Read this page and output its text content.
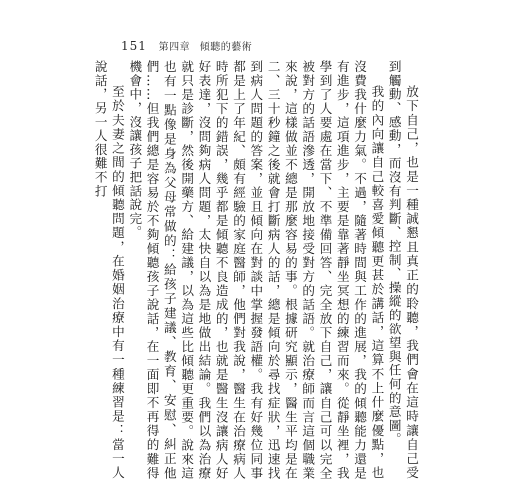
151 第四章 傾聽的藝術

放下自己，也是一種誠懇且真正的聆聽，我們會在這時讓自己受到觸動、感動，而沒有判斷、控制、操縱的欲望與任何的意圖。

我的內向讓自己較喜愛傾聽更甚於講話，這算不上什麼優點，也沒費我什麼力氣。不過，隨著時間與工作的進展，我的傾聽能力還是有進步，這項進步，主要是靠著靜坐冥想的練習而來。從靜坐裡，我學到了人要處在當下、不準備回答、完全放下自己，讓自己可以完全被對方的話語滲透，開放地接受對方的話語。就治療師而言這個職業來說，這樣做並不總是那麼容易的事。根據研究顯示，醫生平均是在二、三十秒鐘之後就會打斷病人的話，總是傾向於尋找症狀，迅速找到病人問題的答案，並且傾向在對談中掌握發語權。我有好幾位同事都是上了年紀、頗有經驗的家庭醫師，他們對我說，醫生在治療病人時所犯下的錯誤，幾乎都是傾聽不良造成的，也就是醫生沒讓病人好好表達，沒問夠病人問題，太快自以為是地做出結論。我們以為治療就只是診斷，然後開藥方、給建議，以為這些比傾聽更重要。說來這也有一點像是身為父母常做的：給孩子建議、教育、安慰、糾正他們……但我們總是容易於不夠傾聽孩子說話，在一面即不再得的難得機會中，沒讓孩子把話說完。

至於夫妻之間的傾聽問題，在婚姻治療中有一種練習是：當一人說話，另一人很難不打
